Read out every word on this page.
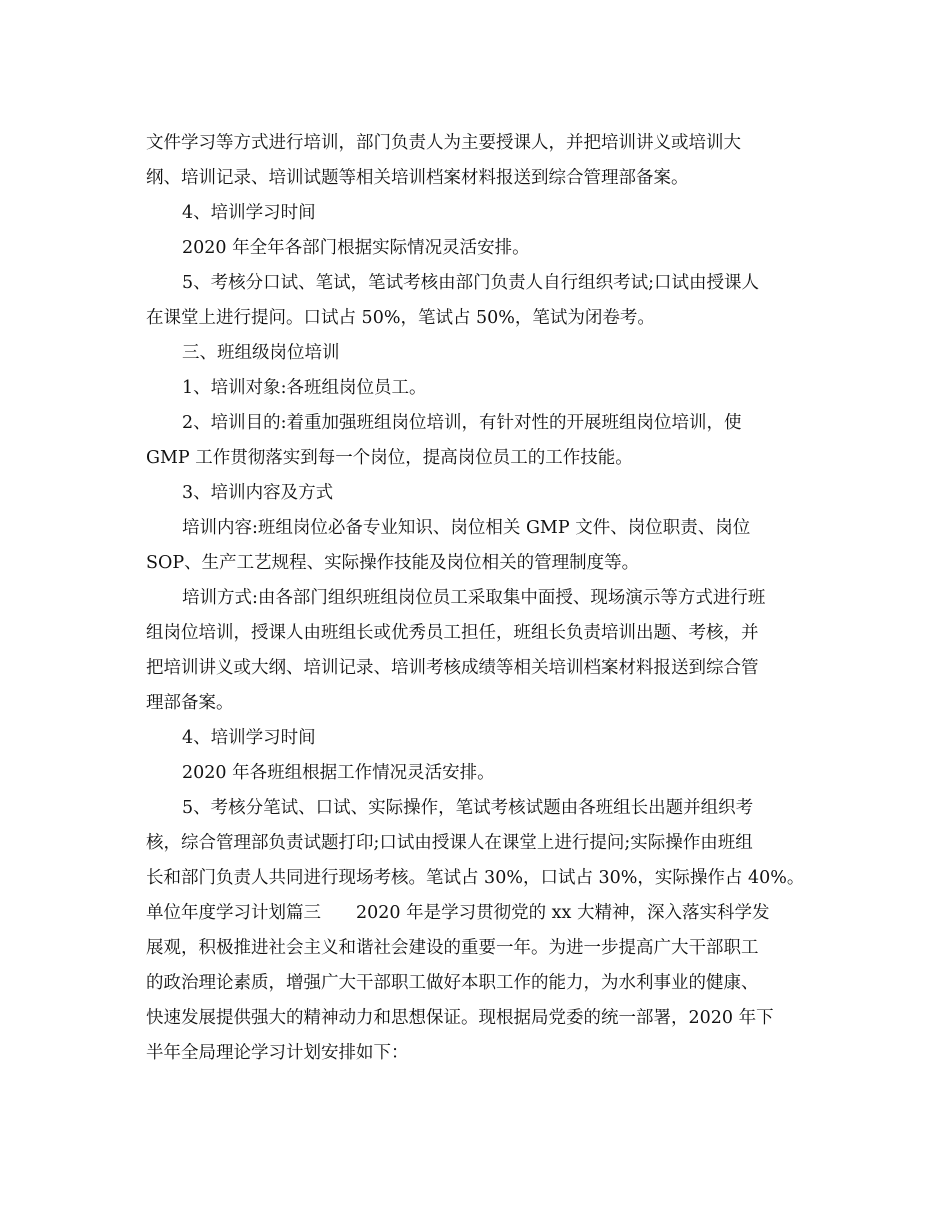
文件学习等方式进行培训，部门负责人为主要授课人，并把培训讲义或培训大
纲、培训记录、培训试题等相关培训档案材料报送到综合管理部备案。
4、培训学习时间
2020 年全年各部门根据实际情况灵活安排。
5、考核分口试、笔试，笔试考核由部门负责人自行组织考试;口试由授课人
在课堂上进行提问。口试占 50%，笔试占 50%，笔试为闭卷考。
三、班组级岗位培训
1、培训对象:各班组岗位员工。
2、培训目的:着重加强班组岗位培训，有针对性的开展班组岗位培训，使
GMP 工作贯彻落实到每一个岗位，提高岗位员工的工作技能。
3、培训内容及方式
培训内容:班组岗位必备专业知识、岗位相关 GMP 文件、岗位职责、岗位
SOP、生产工艺规程、实际操作技能及岗位相关的管理制度等。
培训方式:由各部门组织班组岗位员工采取集中面授、现场演示等方式进行班
组岗位培训，授课人由班组长或优秀员工担任，班组长负责培训出题、考核，并
把培训讲义或大纲、培训记录、培训考核成绩等相关培训档案材料报送到综合管
理部备案。
4、培训学习时间
2020 年各班组根据工作情况灵活安排。
5、考核分笔试、口试、实际操作，笔试考核试题由各班组长出题并组织考
核，综合管理部负责试题打印;口试由授课人在课堂上进行提问;实际操作由班组
长和部门负责人共同进行现场考核。笔试占 30%，口试占 30%，实际操作占 40%。
单位年度学习计划篇三　　2020 年是学习贯彻党的 xx 大精神，深入落实科学发
展观，积极推进社会主义和谐社会建设的重要一年。为进一步提高广大干部职工
的政治理论素质，增强广大干部职工做好本职工作的能力，为水利事业的健康、
快速发展提供强大的精神动力和思想保证。现根据局党委的统一部署，2020 年下
半年全局理论学习计划安排如下：
